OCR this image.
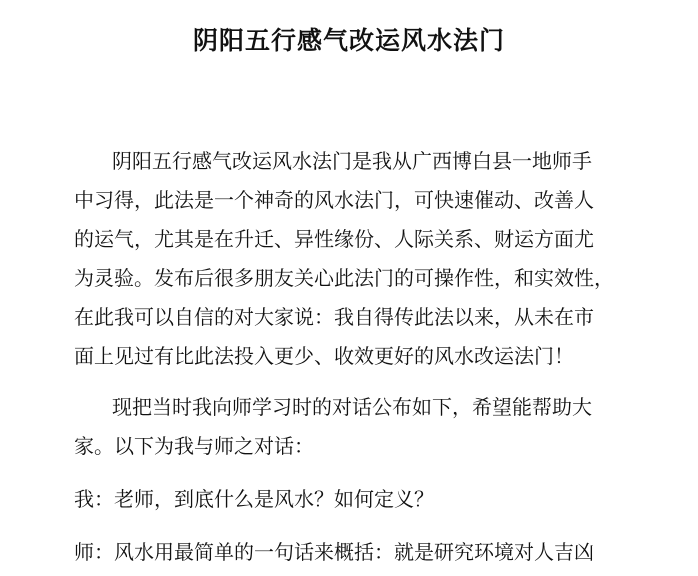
阴阳五行感气改运风水法门

阴阳五行感气改运风水法门是我从广西博白县一地师手
中习得，此法是一个神奇的风水法门，可快速催动、改善人
的运气，尤其是在升迁、异性缘份、人际关系、财运方面尤
为灵验。发布后很多朋友关心此法门的可操作性，和实效性，
在此我可以自信的对大家说：我自得传此法以来，从未在市
面上见过有比此法投入更少、收效更好的风水改运法门！

现把当时我向师学习时的对话公布如下，希望能帮助大
家。以下为我与师之对话：

我：老师，到底什么是风水？如何定义？

师：风水用最简单的一句话来概括：就是研究环境对人吉凶
